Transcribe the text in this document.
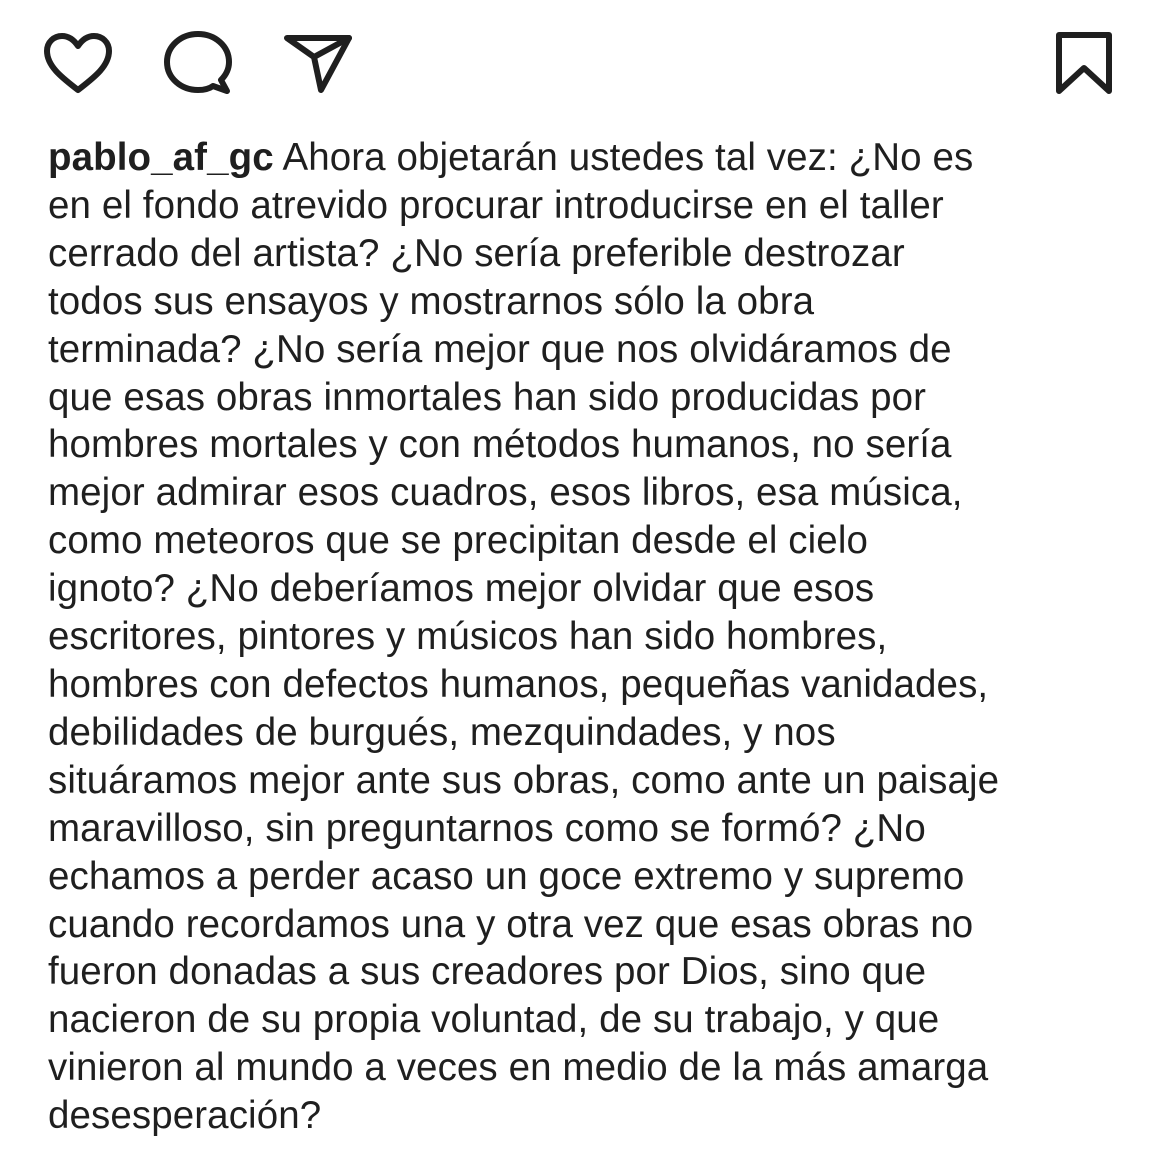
pablo_af_gc Ahora objetarán ustedes tal vez: ¿No es
en el fondo atrevido procurar introducirse en el taller
cerrado del artista? ¿No sería preferible destrozar
todos sus ensayos y mostrarnos sólo la obra
terminada? ¿No sería mejor que nos olvidáramos de
que esas obras inmortales han sido producidas por
hombres mortales y con métodos humanos, no sería
mejor admirar esos cuadros, esos libros, esa música,
como meteoros que se precipitan desde el cielo
ignoto? ¿No deberíamos mejor olvidar que esos
escritores, pintores y músicos han sido hombres,
hombres con defectos humanos, pequeñas vanidades,
debilidades de burgués, mezquindades, y nos
situáramos mejor ante sus obras, como ante un paisaje
maravilloso, sin preguntarnos como se formó? ¿No
echamos a perder acaso un goce extremo y supremo
cuando recordamos una y otra vez que esas obras no
fueron donadas a sus creadores por Dios, sino que
nacieron de su propia voluntad, de su trabajo, y que
vinieron al mundo a veces en medio de la más amarga
desesperación?
